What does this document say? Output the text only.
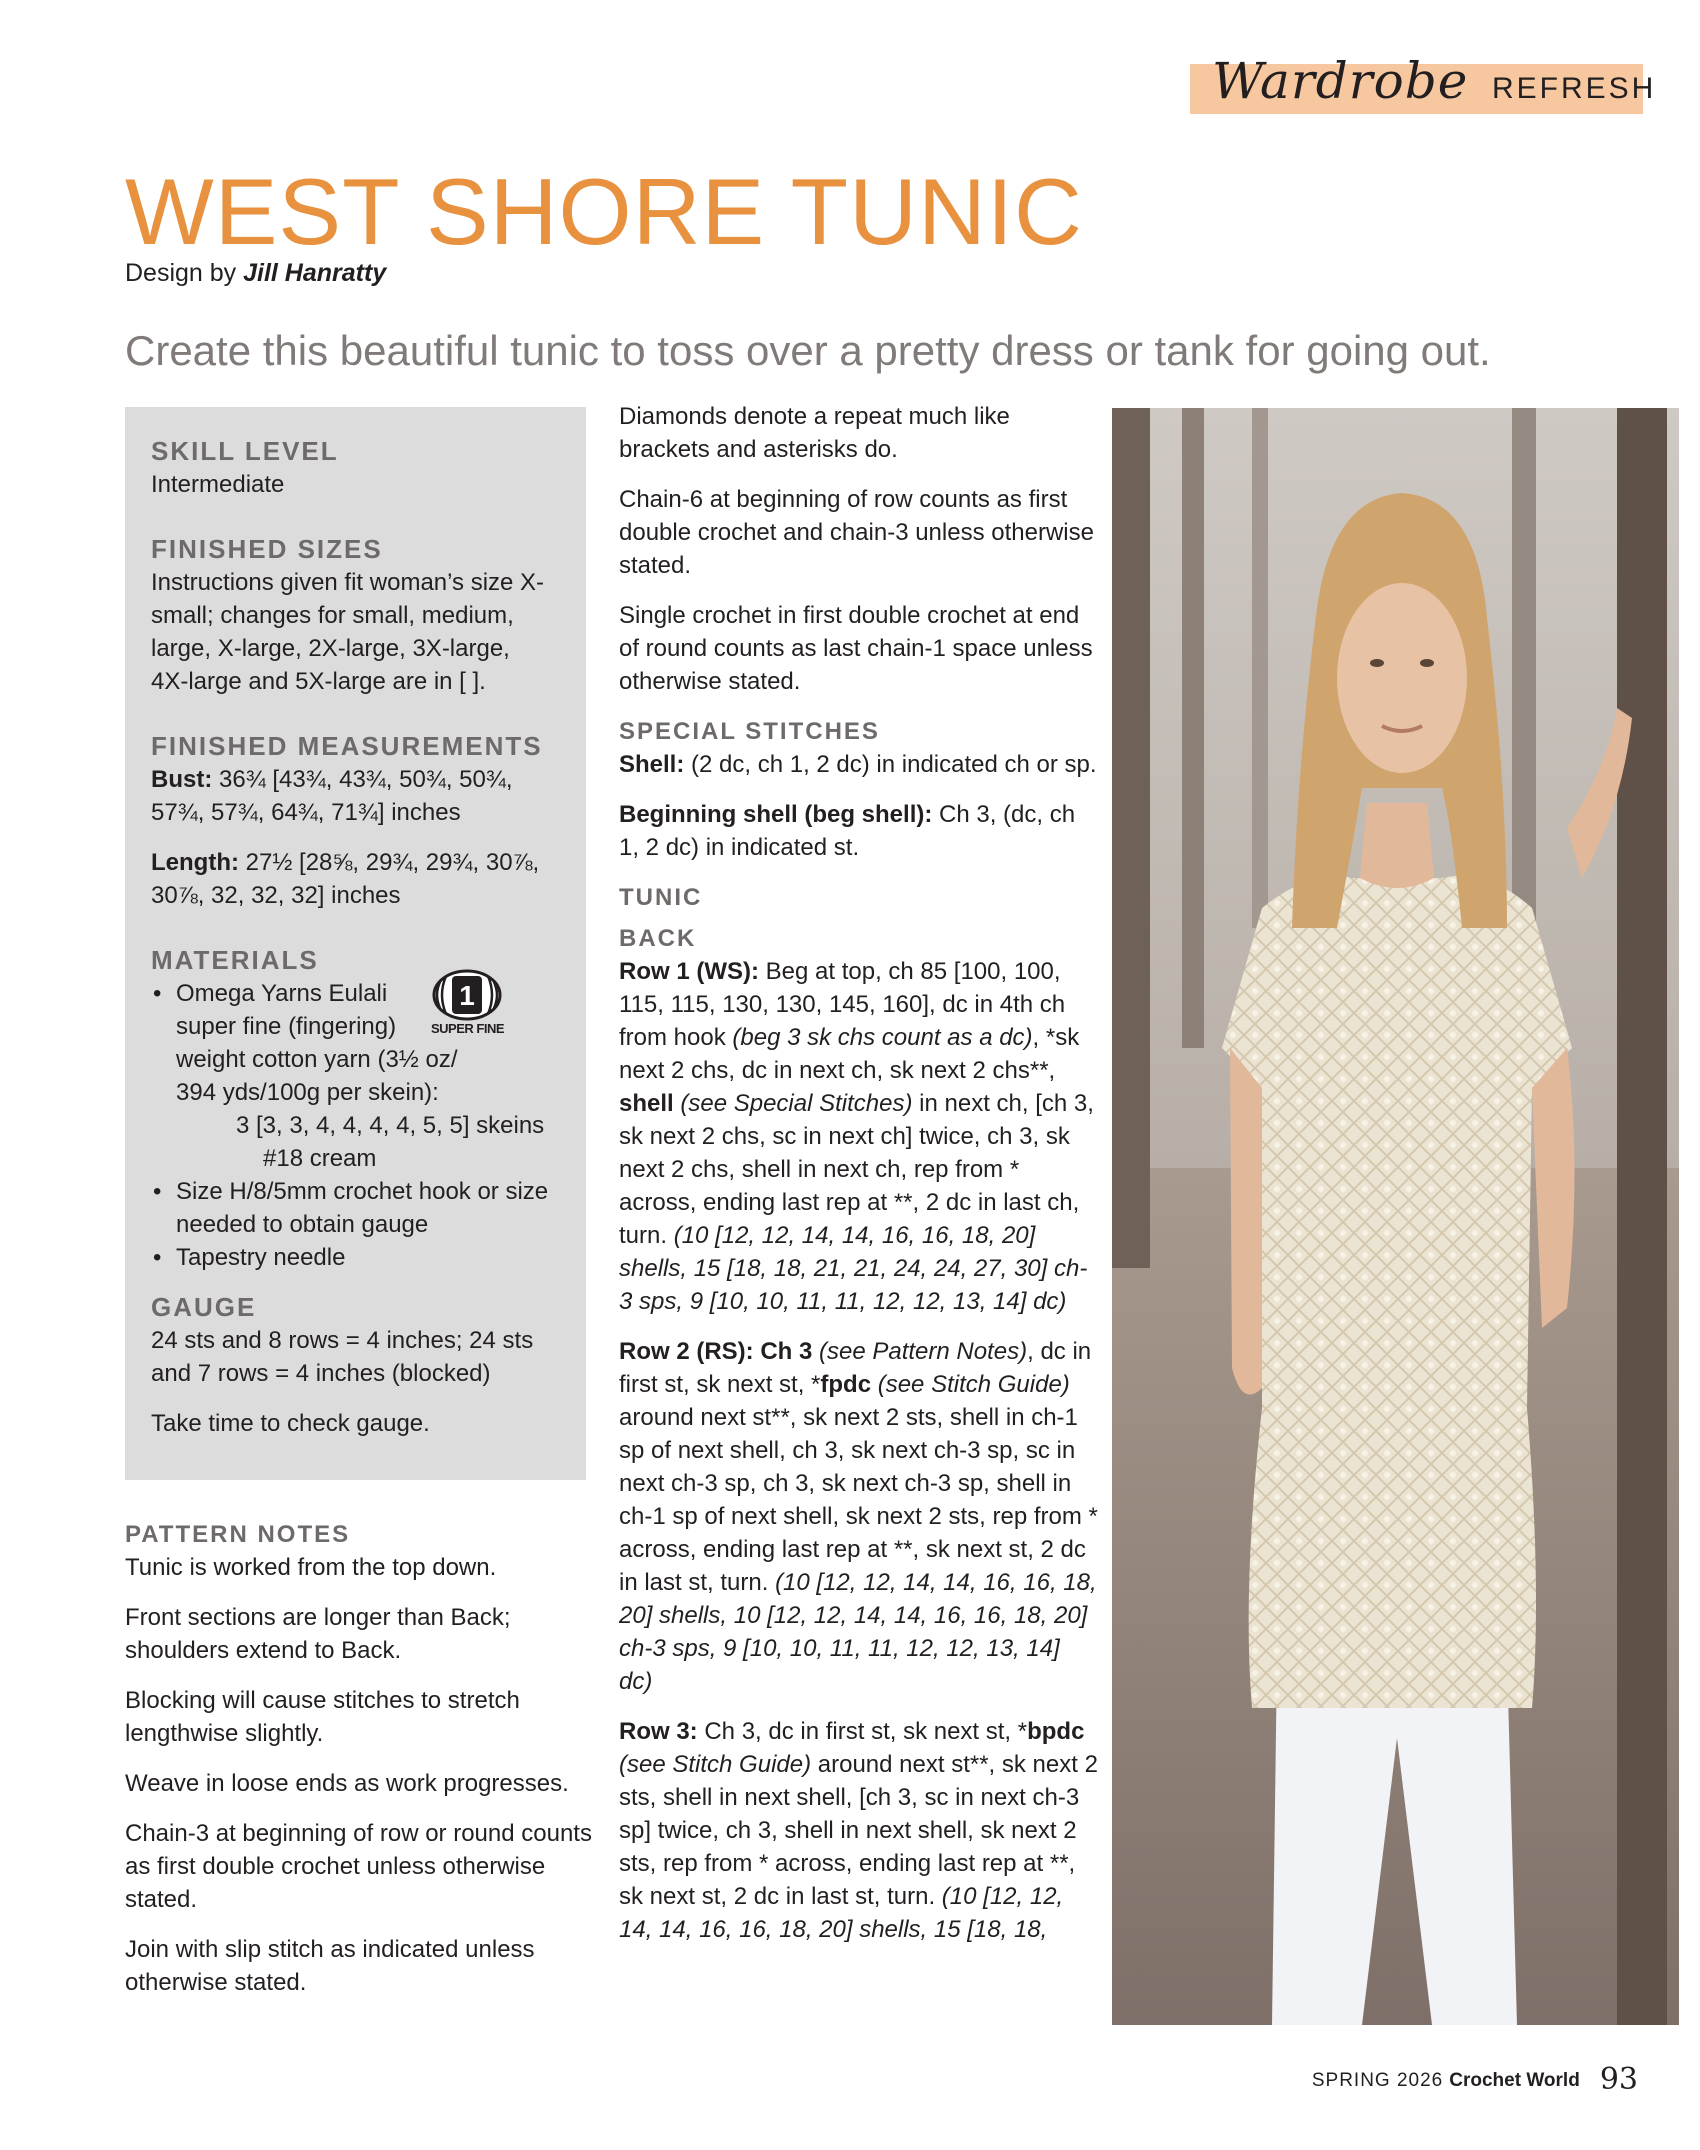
Wardrobe REFRESH
WEST SHORE TUNIC
Design by Jill Hanratty
Create this beautiful tunic to toss over a pretty dress or tank for going out.

SKILL LEVEL

Intermediate

FINISHED SIZES

Instructions given fit woman’s size X-small; changes for small, medium, large, X-large, 2X-large, 3X-large, 4X-large and 5X-large are in [ ].

FINISHED MEASUREMENTS

Bust: 36¾ [43¾, 43¾, 50¾, 50¾, 57¾, 57¾, 64¾, 71¾] inches

Length: 27½ [28⅝, 29¾, 29¾, 30⅞, 30⅞, 32, 32, 32] inches

MATERIALS

• Omega Yarns Eulali
super fine (fingering)
weight cotton yarn (3½ oz/
394 yds/100g per skein):
3 [3, 3, 4, 4, 4, 4, 5, 5] skeins
#18 cream
• Size H/8/5mm crochet hook or size needed to obtain gauge
• Tapestry needle

GAUGE

24 sts and 8 rows = 4 inches; 24 sts and 7 rows = 4 inches (blocked)

Take time to check gauge.

1
SUPER FINE

PATTERN NOTES

Tunic is worked from the top down.

Front sections are longer than Back; shoulders extend to Back.

Blocking will cause stitches to stretch lengthwise slightly.

Weave in loose ends as work progresses.

Chain-3 at beginning of row or round counts as first double crochet unless otherwise stated.

Join with slip stitch as indicated unless otherwise stated.

Diamonds denote a repeat much like brackets and asterisks do.

Chain-6 at beginning of row counts as first double crochet and chain-3 unless otherwise stated.

Single crochet in first double crochet at end of round counts as last chain-1 space unless otherwise stated.

SPECIAL STITCHES

Shell: (2 dc, ch 1, 2 dc) in indicated ch or sp.

Beginning shell (beg shell): Ch 3, (dc, ch 1, 2 dc) in indicated st.

TUNIC

BACK

Row 1 (WS): Beg at top, ch 85 [100, 100, 115, 115, 130, 130, 145, 160], dc in 4th ch from hook (beg 3 sk chs count as a dc), *sk next 2 chs, dc in next ch, sk next 2 chs**, shell (see Special Stitches) in next ch, [ch 3, sk next 2 chs, sc in next ch] twice, ch 3, sk next 2 chs, shell in next ch, rep from * across, ending last rep at **, 2 dc in last ch, turn. (10 [12, 12, 14, 14, 16, 16, 18, 20] shells, 15 [18, 18, 21, 21, 24, 24, 27, 30] ch-3 sps, 9 [10, 10, 11, 11, 12, 12, 13, 14] dc)

Row 2 (RS): Ch 3 (see Pattern Notes), dc in first st, sk next st, *fpdc (see Stitch Guide) around next st**, sk next 2 sts, shell in ch-1 sp of next shell, ch 3, sk next ch-3 sp, sc in next ch-3 sp, ch 3, sk next ch-3 sp, shell in ch-1 sp of next shell, sk next 2 sts, rep from * across, ending last rep at **, sk next st, 2 dc in last st, turn. (10 [12, 12, 14, 14, 16, 16, 18, 20] shells, 10 [12, 12, 14, 14, 16, 16, 18, 20] ch-3 sps, 9 [10, 10, 11, 11, 12, 12, 13, 14] dc)

Row 3: Ch 3, dc in first st, sk next st, *bpdc (see Stitch Guide) around next st**, sk next 2 sts, shell in next shell, [ch 3, sc in next ch-3 sp] twice, ch 3, shell in next shell, sk next 2 sts, rep from * across, ending last rep at **, sk next st, 2 dc in last st, turn. (10 [12, 12, 14, 14, 16, 16, 18, 20] shells, 15 [18, 18,

SPRING 2026 Crochet World 93
